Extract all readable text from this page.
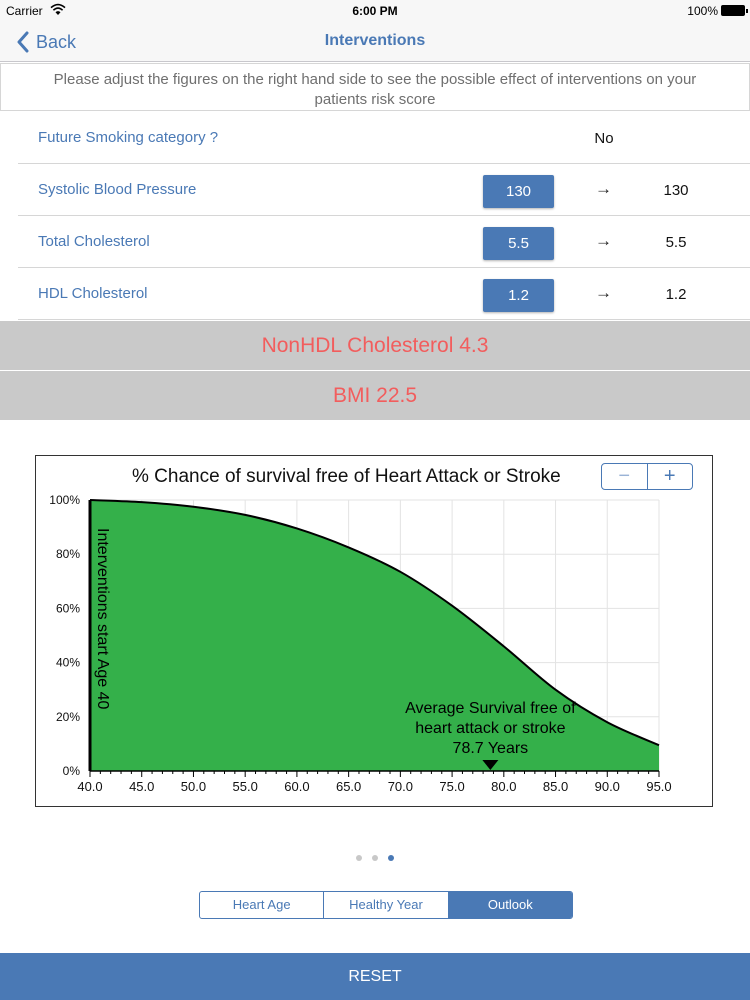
Carrier	6:00 PM	100%
Back	Interventions
Please adjust the figures on the right hand side to see the possible effect of interventions on your patients risk score
Future Smoking category ?	No
Systolic Blood Pressure	130	→	130
Total Cholesterol	5.5	→	5.5
HDL Cholesterol	1.2	→	1.2
NonHDL Cholesterol 4.3
BMI 22.5
40.0 45.0 50.0 55.0 60.0 65.0 70.0 75.0 80.0 85.0 90.0 95.0
0%
20%
40%
60%
80%
100%
Interventions start Age 40	Average Survival free of
heart attack or stroke
78.7 Years
% Chance of survival free of Heart Attack or Stroke	−	+
Heart Age	Healthy Year	Outlook
RESET
